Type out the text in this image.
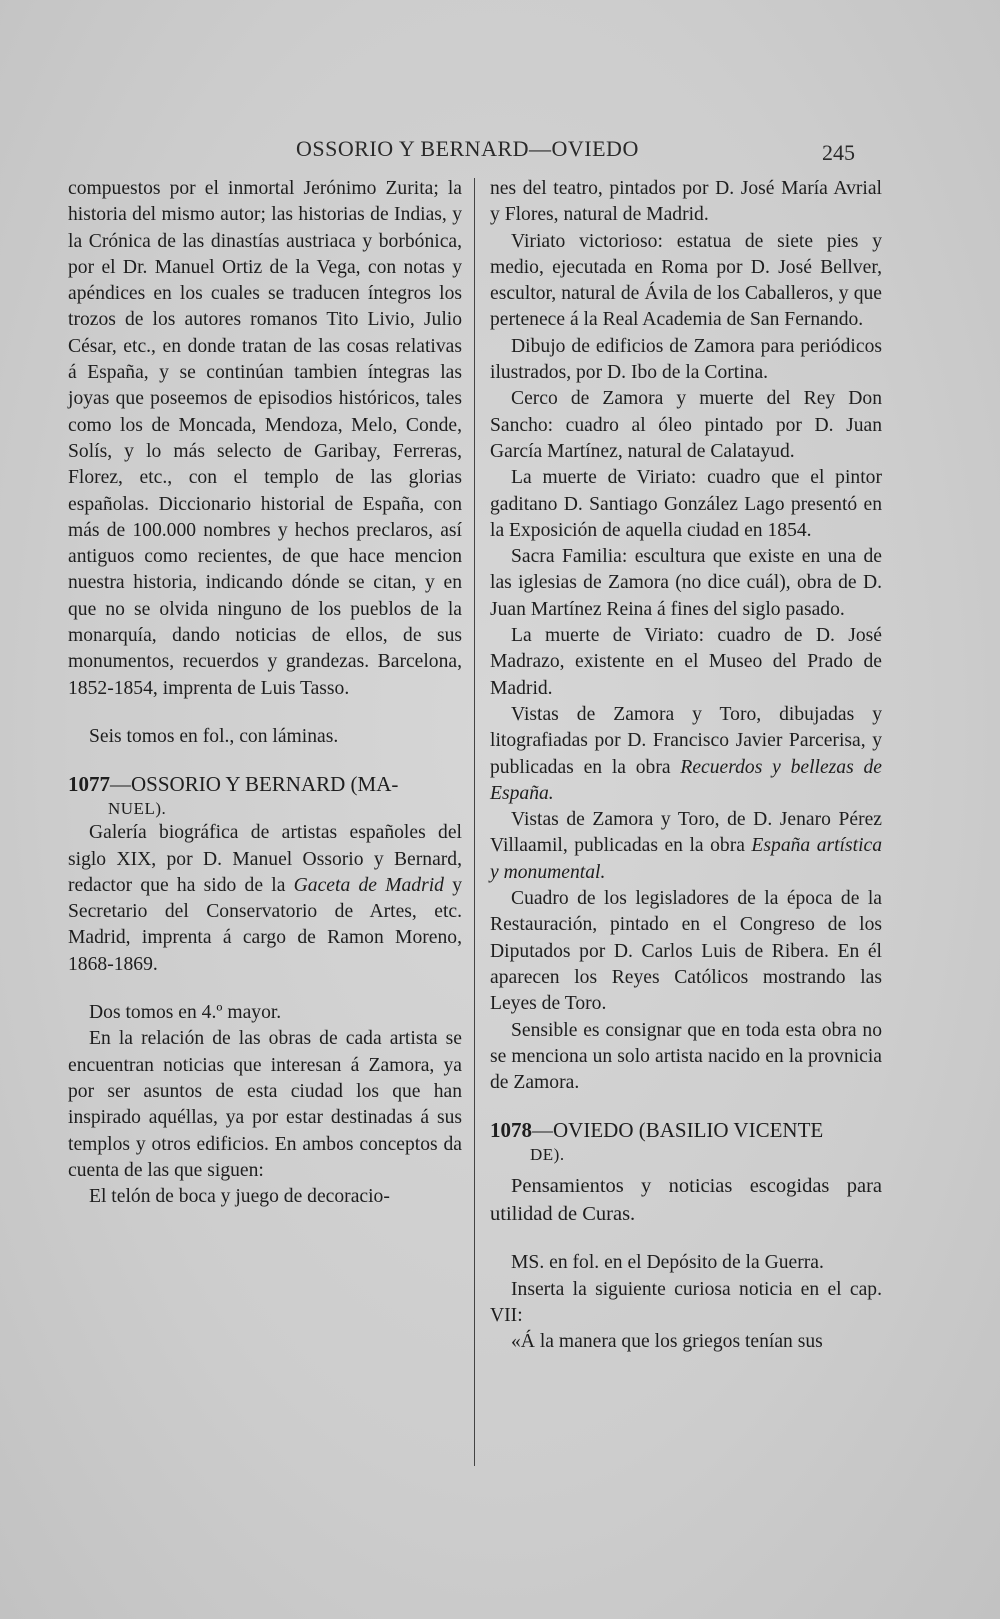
OSSORIO Y BERNARD—OVIEDO	245

compuestos por el inmortal Jerónimo Zurita; la historia del mismo autor; las historias de Indias, y la Crónica de las dinastías austriaca y borbónica, por el Dr. Manuel Ortiz de la Vega, con notas y apéndices en los cuales se traducen íntegros los trozos de los autores romanos Tito Livio, Julio César, etc., en donde tratan de las cosas relativas á España, y se continúan tambien íntegras las joyas que poseemos de episodios históricos, tales como los de Moncada, Mendoza, Melo, Conde, Solís, y lo más selecto de Garibay, Ferreras, Florez, etc., con el templo de las glorias españolas. Diccionario historial de España, con más de 100.000 nombres y hechos preclaros, así antiguos como recientes, de que hace mencion nuestra historia, indicando dónde se citan, y en que no se olvida ninguno de los pueblos de la monarquía, dando noticias de ellos, de sus monumentos, recuerdos y grandezas. Barcelona, 1852-1854, imprenta de Luis Tasso.

Seis tomos en fol., con láminas.

1077—OSSORIO Y BERNARD (MA-
NUEL).

Galería biográfica de artistas españoles del siglo XIX, por D. Manuel Ossorio y Bernard, redactor que ha sido de la Gaceta de Madrid y Secretario del Conservatorio de Artes, etc. Madrid, imprenta á cargo de Ramon Moreno, 1868-1869.

Dos tomos en 4.º mayor.

En la relación de las obras de cada artista se encuentran noticias que interesan á Zamora, ya por ser asuntos de esta ciudad los que han inspirado aquéllas, ya por estar destinadas á sus templos y otros edificios. En ambos conceptos da cuenta de las que siguen:

El telón de boca y juego de decoracio-

nes del teatro, pintados por D. José María Avrial y Flores, natural de Madrid.

Viriato victorioso: estatua de siete pies y medio, ejecutada en Roma por D. José Bellver, escultor, natural de Ávila de los Caballeros, y que pertenece á la Real Academia de San Fernando.

Dibujo de edificios de Zamora para periódicos ilustrados, por D. Ibo de la Cortina.

Cerco de Zamora y muerte del Rey Don Sancho: cuadro al óleo pintado por D. Juan García Martínez, natural de Calatayud.

La muerte de Viriato: cuadro que el pintor gaditano D. Santiago González Lago presentó en la Exposición de aquella ciudad en 1854.

Sacra Familia: escultura que existe en una de las iglesias de Zamora (no dice cuál), obra de D. Juan Martínez Reina á fines del siglo pasado.

La muerte de Viriato: cuadro de D. José Madrazo, existente en el Museo del Prado de Madrid.

Vistas de Zamora y Toro, dibujadas y litografiadas por D. Francisco Javier Parcerisa, y publicadas en la obra Recuerdos y bellezas de España.

Vistas de Zamora y Toro, de D. Jenaro Pérez Villaamil, publicadas en la obra España artística y monumental.

Cuadro de los legisladores de la época de la Restauración, pintado en el Congreso de los Diputados por D. Carlos Luis de Ribera. En él aparecen los Reyes Católicos mostrando las Leyes de Toro.

Sensible es consignar que en toda esta obra no se menciona un solo artista nacido en la provnicia de Zamora.

1078—OVIEDO (BASILIO VICENTE
DE).

Pensamientos y noticias escogidas para utilidad de Curas.

MS. en fol. en el Depósito de la Guerra.

Inserta la siguiente curiosa noticia en el cap. VII:

«Á la manera que los griegos tenían sus
